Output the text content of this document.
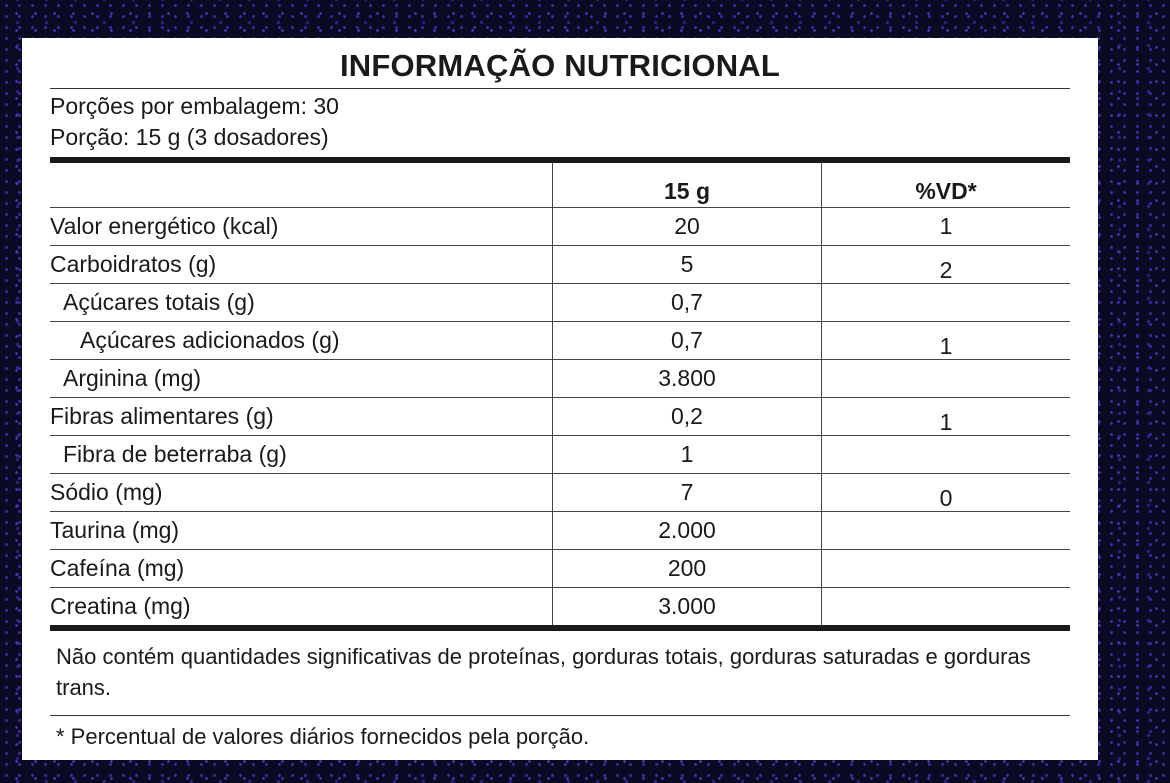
INFORMAÇÃO NUTRICIONAL
Porções por embalagem: 30
Porção: 15 g (3 dosadores)
	15 g	%VD*
Valor energético (kcal)	20	1
Carboidratos (g)	5	2
Açúcares totais (g)	0,7	
Açúcares adicionados (g)	0,7	1
Arginina (mg)	3.800	
Fibras alimentares (g)	0,2	1
Fibra de beterraba (g)	1	
Sódio (mg)	7	0
Taurina (mg)	2.000	
Cafeína (mg)	200	
Creatina (mg)	3.000	
Não contém quantidades significativas de proteínas, gorduras totais, gorduras saturadas e gorduras trans.
* Percentual de valores diários fornecidos pela porção.
